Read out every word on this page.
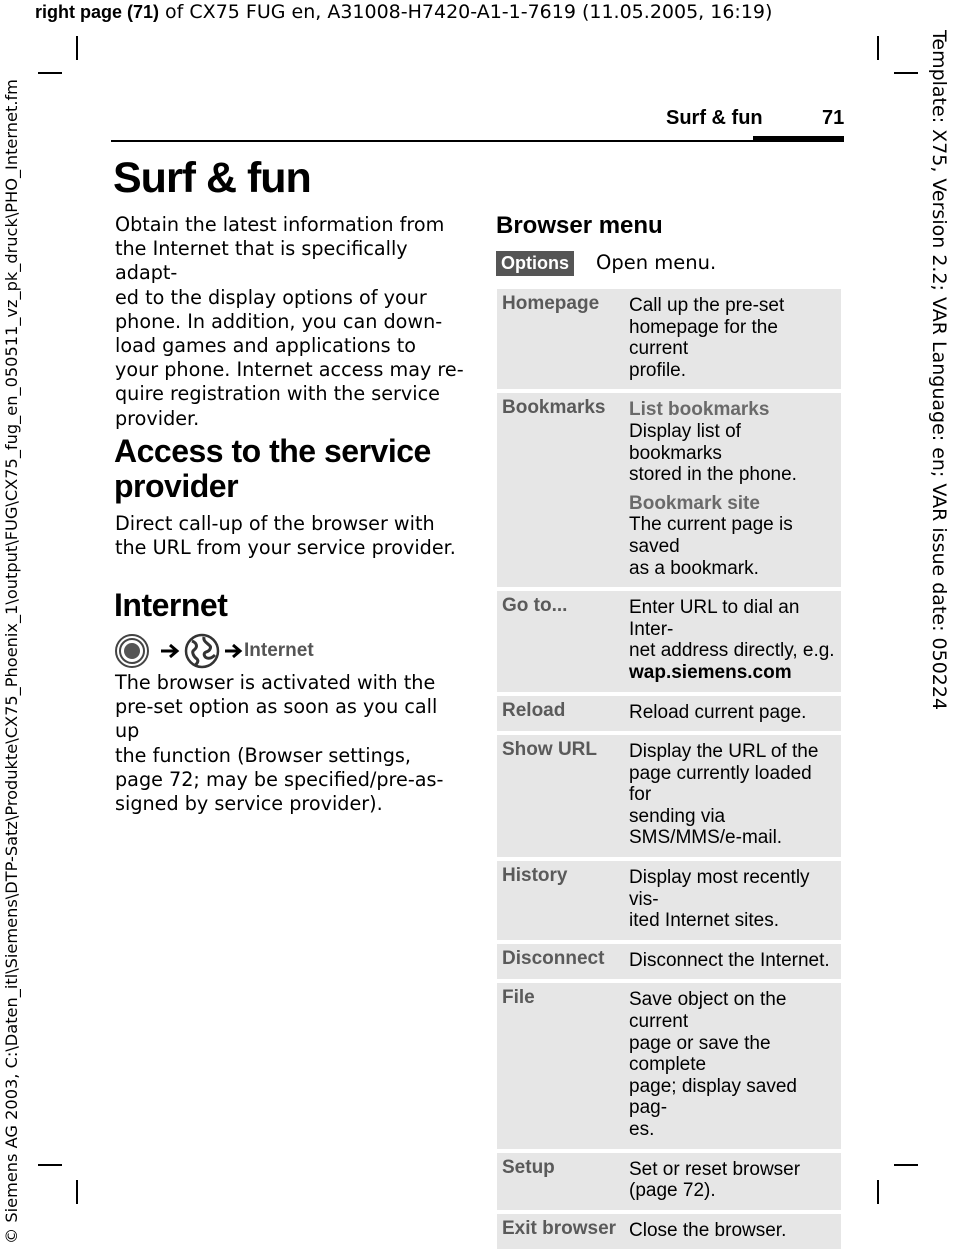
right page (71) of CX75 FUG en, A31008-H7420-A1-1-7619 (11.05.2005, 16:19)
© Siemens AG 2003, C:\Daten_itl\Siemens\DTP-Satz\Produkte\CX75_Phoenix_1\output\FUG\CX75_fug_en_050511_vz_pk_druck\PHO_Internet.fm	Template: X75, Version 2.2; VAR Language: en; VAR issue date: 050224
Surf & fun	71
Surf & fun
Obtain the latest information from
the Internet that is specifically adapt-
ed to the display options of your
phone. In addition, you can down-
load games and applications to
your phone. Internet access may re-
quire registration with the service
provider.
Access to the service
provider
Direct call-up of the browser with
the URL from your service provider.
Internet
Internet
The browser is activated with the
pre-set option as soon as you call up
the function (Browser settings,
page 72; may be specified/pre-as-
signed by service provider).
Browser menu
Options Open menu.
Homepage	Call up the pre-set
homepage for the current
profile.
Bookmarks	List bookmarks
Display list of bookmarks
stored in the phone.
Bookmark site
The current page is saved
as a bookmark.
Go to...	Enter URL to dial an Inter-
net address directly, e.g.
wap.siemens.com
Reload	Reload current page.
Show URL	Display the URL of the
page currently loaded for
sending via
SMS/MMS/e-mail.
History	Display most recently vis-
ited Internet sites.
Disconnect	Disconnect the Internet.
File	Save object on the current
page or save the complete
page; display saved pag-
es.
Setup	Set or reset browser
(page 72).
Exit browser Close the browser.
